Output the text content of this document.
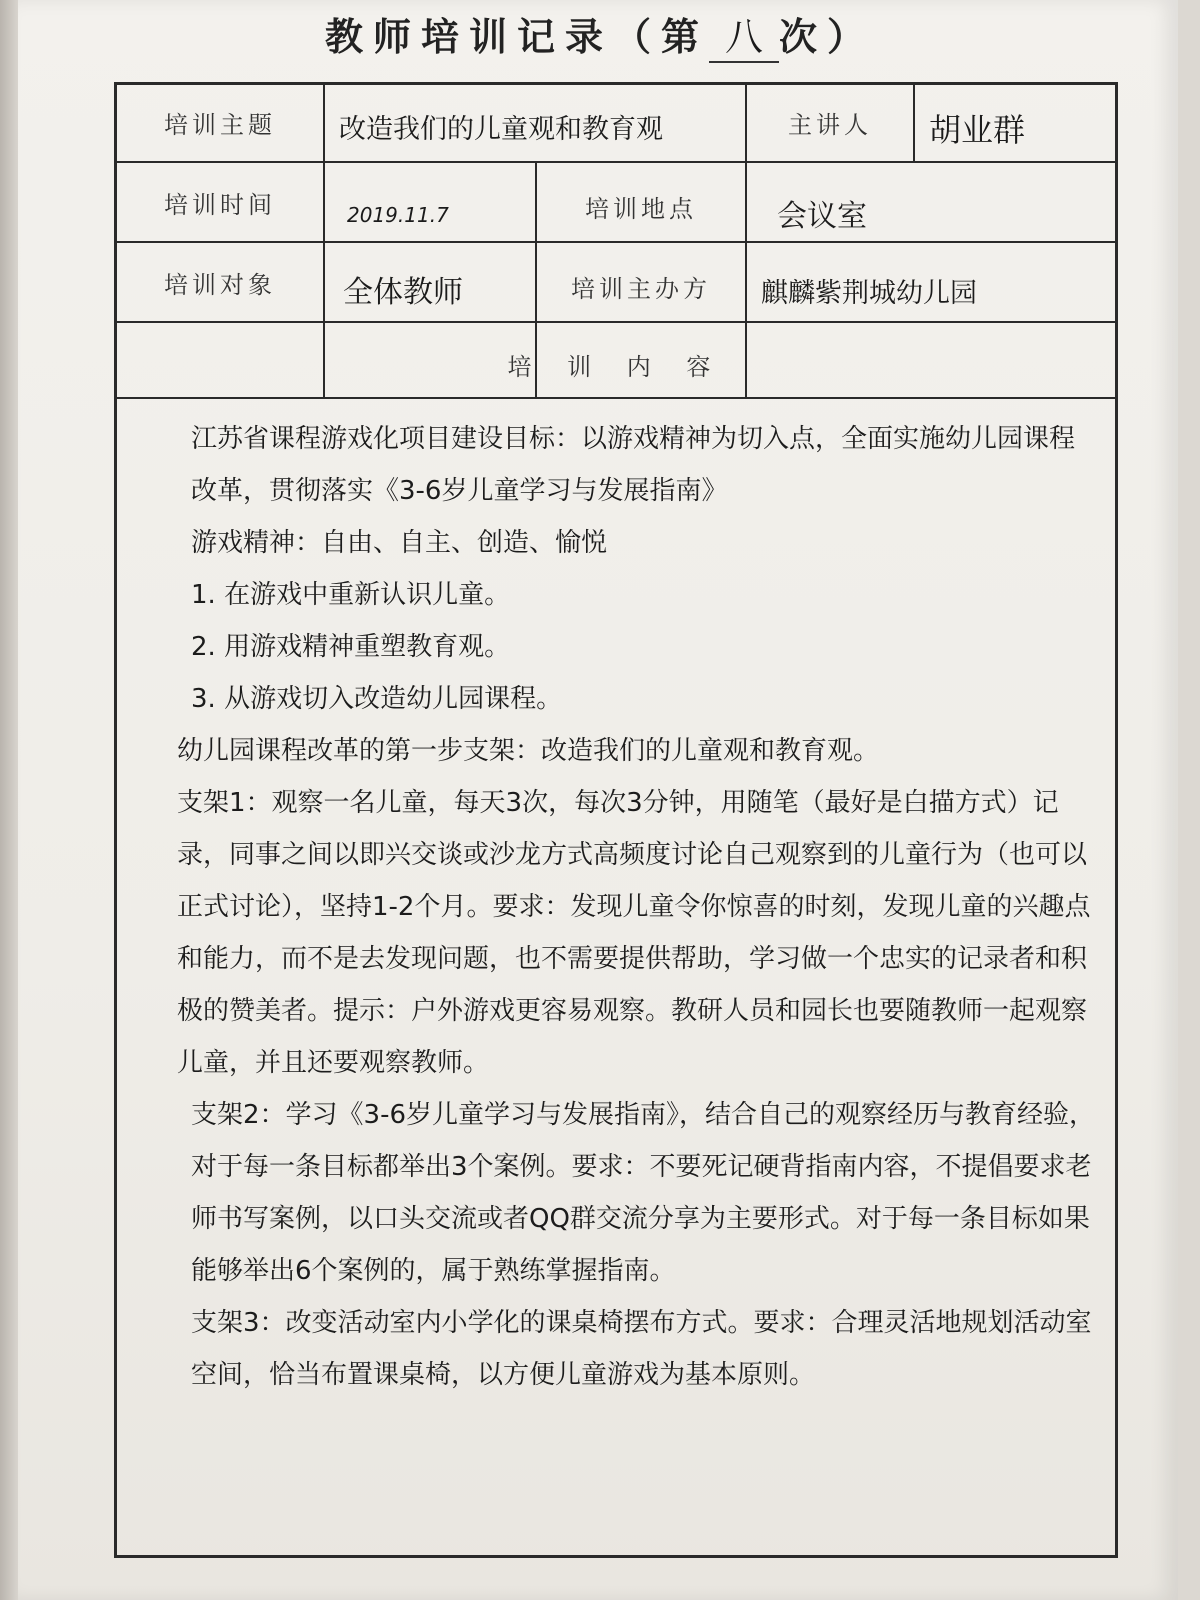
教师培训记录（第 八 次）
培训主题	改造我们的儿童观和教育观	主讲人	胡业群
培训时间	2019.11.7	培训地点	会议室
培训对象	全体教师	培训主办方	麒麟紫荆城幼儿园
培 训 内 容

江苏省课程游戏化项目建设目标：以游戏精神为切入点，全面实施幼儿园课程改革，贯彻落实《3-6岁儿童学习与发展指南》

游戏精神：自由、自主、创造、愉悦

1. 在游戏中重新认识儿童。

2. 用游戏精神重塑教育观。

3. 从游戏切入改造幼儿园课程。

幼儿园课程改革的第一步支架：改造我们的儿童观和教育观。

支架1：观察一名儿童，每天3次，每次3分钟，用随笔（最好是白描方式）记录，同事之间以即兴交谈或沙龙方式高频度讨论自己观察到的儿童行为（也可以正式讨论），坚持1-2个月。要求：发现儿童令你惊喜的时刻，发现儿童的兴趣点和能力，而不是去发现问题，也不需要提供帮助，学习做一个忠实的记录者和积极的赞美者。提示：户外游戏更容易观察。教研人员和园长也要随教师一起观察儿童，并且还要观察教师。

支架2：学习《3-6岁儿童学习与发展指南》，结合自己的观察经历与教育经验，对于每一条目标都举出3个案例。要求：不要死记硬背指南内容，不提倡要求老师书写案例，以口头交流或者QQ群交流分享为主要形式。对于每一条目标如果能够举出6个案例的，属于熟练掌握指南。

支架3：改变活动室内小学化的课桌椅摆布方式。要求：合理灵活地规划活动室空间，恰当布置课桌椅，以方便儿童游戏为基本原则。
